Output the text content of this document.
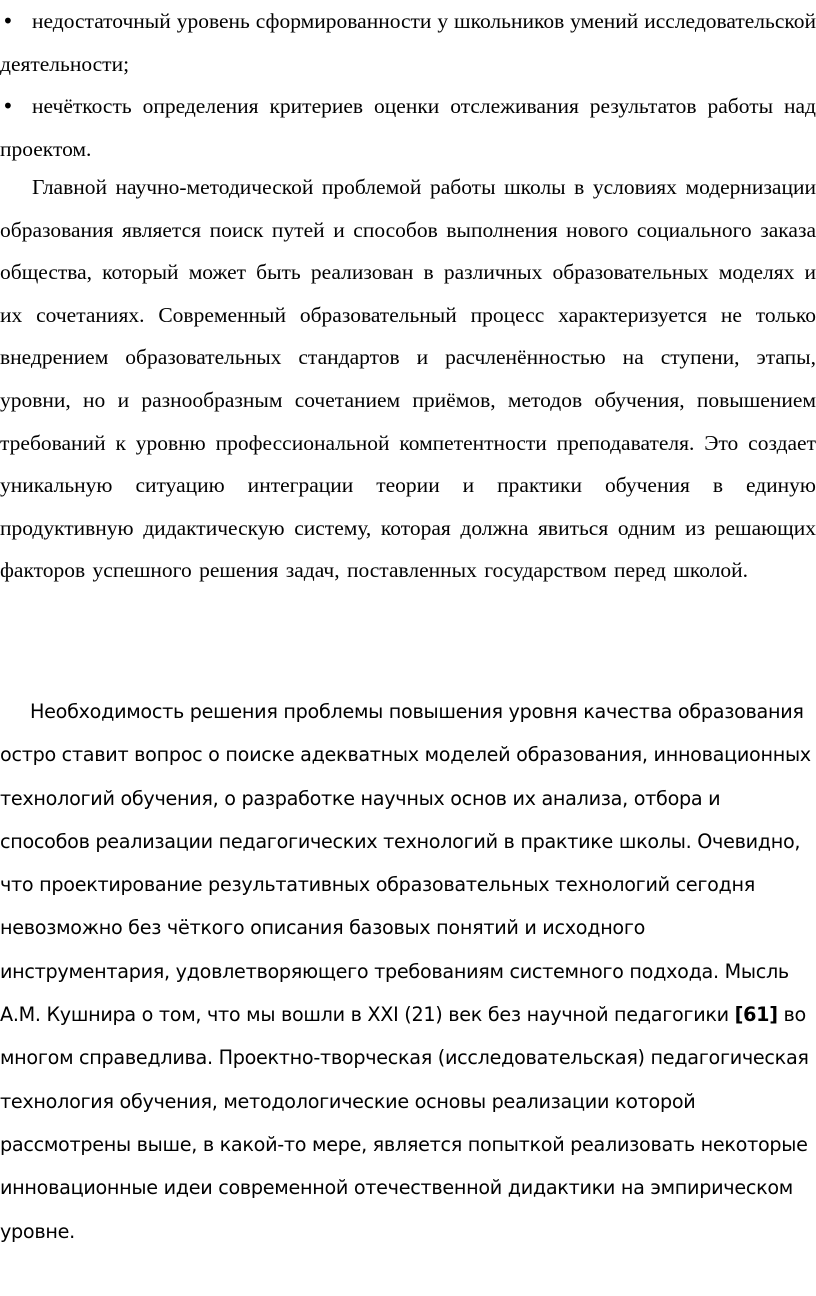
• недостаточный уровень сформированности у школьников умений исследовательской деятельности;
• нечёткость определения критериев оценки отслеживания результатов работы над проектом.

Главной научно-методической проблемой работы школы в условиях модернизации образования является поиск путей и способов выполнения нового социального заказа общества, который может быть реализован в различных образовательных моделях и их сочетаниях. Современный образовательный процесс характеризуется не только внедрением образовательных стандартов и расчленённостью на ступени, этапы, уровни, но и разнообразным сочетанием приёмов, методов обучения, повышением требований к уровню профессиональной компетентности преподавателя. Это создает уникальную ситуацию интеграции теории и практики обучения в единую продуктивную дидактическую систему, которая должна явиться одним из решающих факторов успешного решения задач, поставленных государством перед школой.

Необходимость решения проблемы повышения уровня качества образования остро ставит вопрос о поиске адекватных моделей образования, инновационных технологий обучения, о разработке научных основ их анализа, отбора и способов реализации педагогических технологий в практике школы. Очевидно, что проектирование результативных образовательных технологий сегодня невозможно без чёткого описания базовых понятий и исходного инструментария, удовлетворяющего требованиям системного подхода. Мысль А.М. Кушнира о том, что мы вошли в XXI (21) век без научной педагогики [61] во многом справедлива. Проектно-творческая (исследовательская) педагогическая технология обучения, методологические основы реализации которой рассмотрены выше, в какой-то мере, является попыткой реализовать некоторые инновационные идеи современной отечественной дидактики на эмпирическом уровне.
